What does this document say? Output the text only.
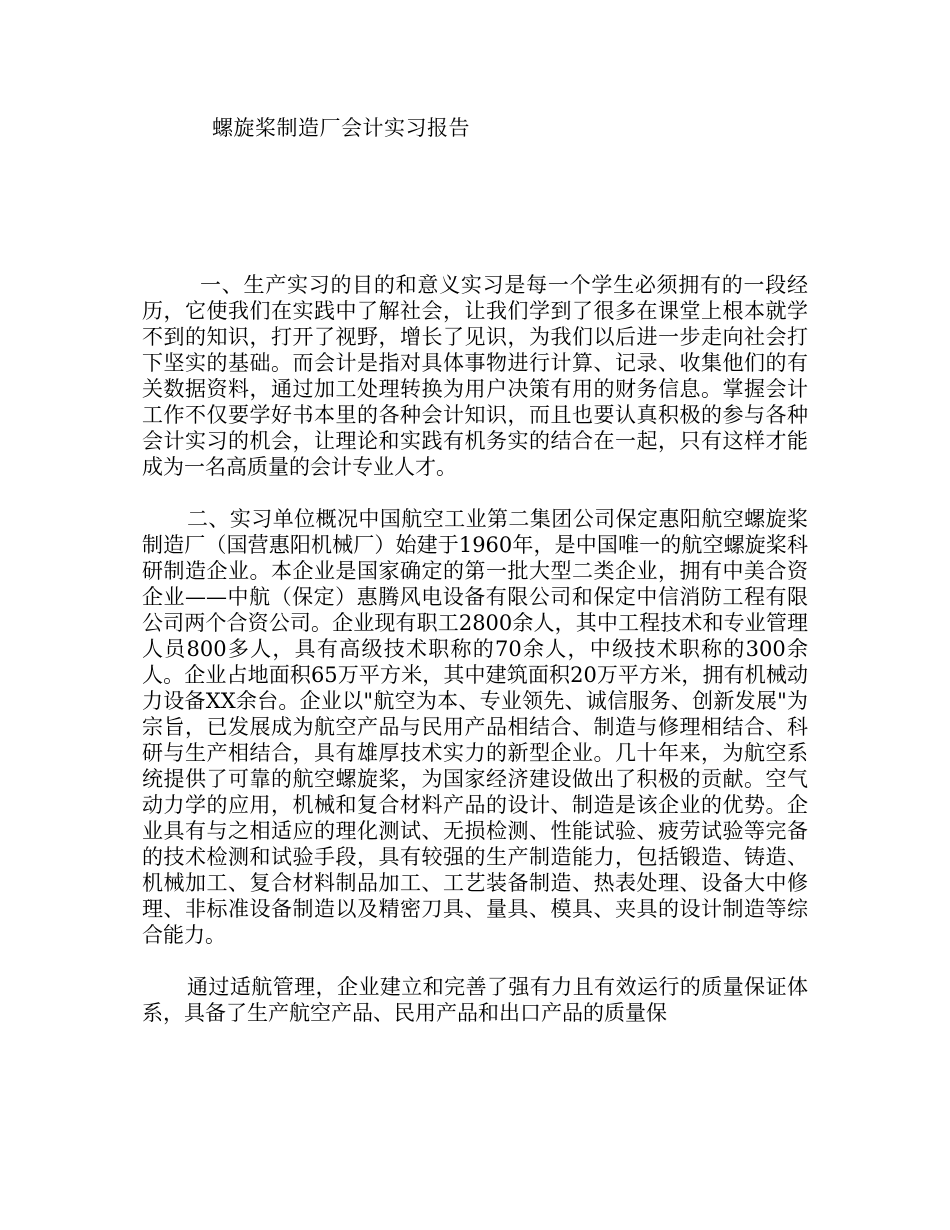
螺旋桨制造厂会计实习报告

一、生产实习的目的和意义实习是每一个学生必须拥有的一段经历，它使我们在实践中了解社会，让我们学到了很多在课堂上根本就学不到的知识，打开了视野，增长了见识，为我们以后进一步走向社会打下坚实的基础。而会计是指对具体事物进行计算、记录、收集他们的有关数据资料，通过加工处理转换为用户决策有用的财务信息。掌握会计工作不仅要学好书本里的各种会计知识，而且也要认真积极的参与各种会计实习的机会，让理论和实践有机务实的结合在一起，只有这样才能成为一名高质量的会计专业人才。

二、实习单位概况中国航空工业第二集团公司保定惠阳航空螺旋桨制造厂（国营惠阳机械厂）始建于1960年，是中国唯一的航空螺旋桨科研制造企业。本企业是国家确定的第一批大型二类企业，拥有中美合资企业——中航（保定）惠腾风电设备有限公司和保定中信消防工程有限公司两个合资公司。企业现有职工2800余人，其中工程技术和专业管理人员800多人，具有高级技术职称的70余人，中级技术职称的300余人。企业占地面积65万平方米，其中建筑面积20万平方米，拥有机械动力设备XX余台。企业以"航空为本、专业领先、诚信服务、创新发展"为宗旨，已发展成为航空产品与民用产品相结合、制造与修理相结合、科研与生产相结合，具有雄厚技术实力的新型企业。几十年来，为航空系统提供了可靠的航空螺旋桨，为国家经济建设做出了积极的贡献。空气动力学的应用，机械和复合材料产品的设计、制造是该企业的优势。企业具有与之相适应的理化测试、无损检测、性能试验、疲劳试验等完备的技术检测和试验手段，具有较强的生产制造能力，包括锻造、铸造、机械加工、复合材料制品加工、工艺装备制造、热表处理、设备大中修理、非标准设备制造以及精密刀具、量具、模具、夹具的设计制造等综合能力。

通过适航管理，企业建立和完善了强有力且有效运行的质量保证体系，具备了生产航空产品、民用产品和出口产品的质量保
